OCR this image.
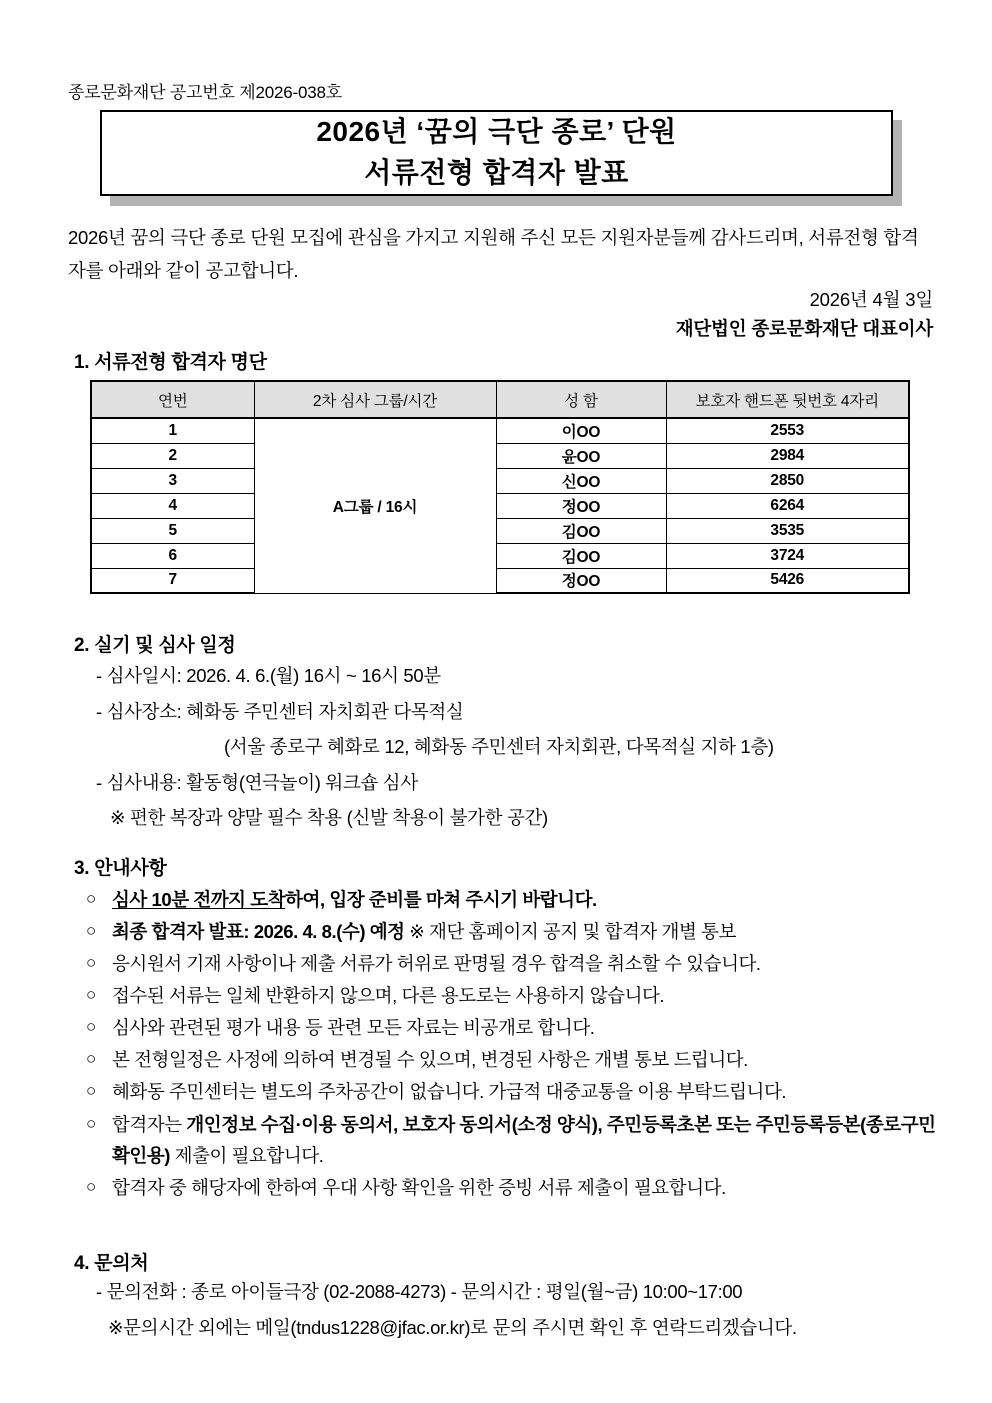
종로문화재단 공고번호 제2026-038호
2026년 ‘꿈의 극단 종로’ 단원
서류전형 합격자 발표
2026년 꿈의 극단 종로 단원 모집에 관심을 가지고 지원해 주신 모든 지원자분들께 감사드리며, 서류전형 합격자를 아래와 같이 공고합니다.
2026년 4월 3일
재단법인 종로문화재단 대표이사
1. 서류전형 합격자 명단
연번	2차 심사 그룹/시간	성 함	보호자 핸드폰 뒷번호 4자리
1	A그룹 / 16시	이OO	2553
2		윤OO	2984
3		신OO	2850
4		정OO	6264
5		김OO	3535
6		김OO	3724
7		정OO	5426
2. 실기 및 심사 일정
- 심사일시: 2026. 4. 6.(월) 16시 ~ 16시 50분
- 심사장소: 혜화동 주민센터 자치회관 다목적실
(서울 종로구 혜화로 12, 혜화동 주민센터 자치회관, 다목적실 지하 1층)
- 심사내용: 활동형(연극놀이) 워크숍 심사
※ 편한 복장과 양말 필수 착용 (신발 착용이 불가한 공간)
3. 안내사항
○ 심사 10분 전까지 도착하여, 입장 준비를 마쳐 주시기 바랍니다.
○ 최종 합격자 발표: 2026. 4. 8.(수) 예정 ※ 재단 홈페이지 공지 및 합격자 개별 통보
○ 응시원서 기재 사항이나 제출 서류가 허위로 판명될 경우 합격을 취소할 수 있습니다.
○ 접수된 서류는 일체 반환하지 않으며, 다른 용도로는 사용하지 않습니다.
○ 심사와 관련된 평가 내용 등 관련 모든 자료는 비공개로 합니다.
○ 본 전형일정은 사정에 의하여 변경될 수 있으며, 변경된 사항은 개별 통보 드립니다.
○ 혜화동 주민센터는 별도의 주차공간이 없습니다. 가급적 대중교통을 이용 부탁드립니다.
○ 합격자는 개인정보 수집·이용 동의서, 보호자 동의서(소정 양식), 주민등록초본 또는 주민등록등본(종로구민 확인용) 제출이 필요합니다.
○ 합격자 중 해당자에 한하여 우대 사항 확인을 위한 증빙 서류 제출이 필요합니다.
4. 문의처
- 문의전화 : 종로 아이들극장 (02-2088-4273) - 문의시간 : 평일(월~금) 10:00~17:00
※문의시간 외에는 메일(tndus1228@jfac.or.kr)로 문의 주시면 확인 후 연락드리겠습니다.
